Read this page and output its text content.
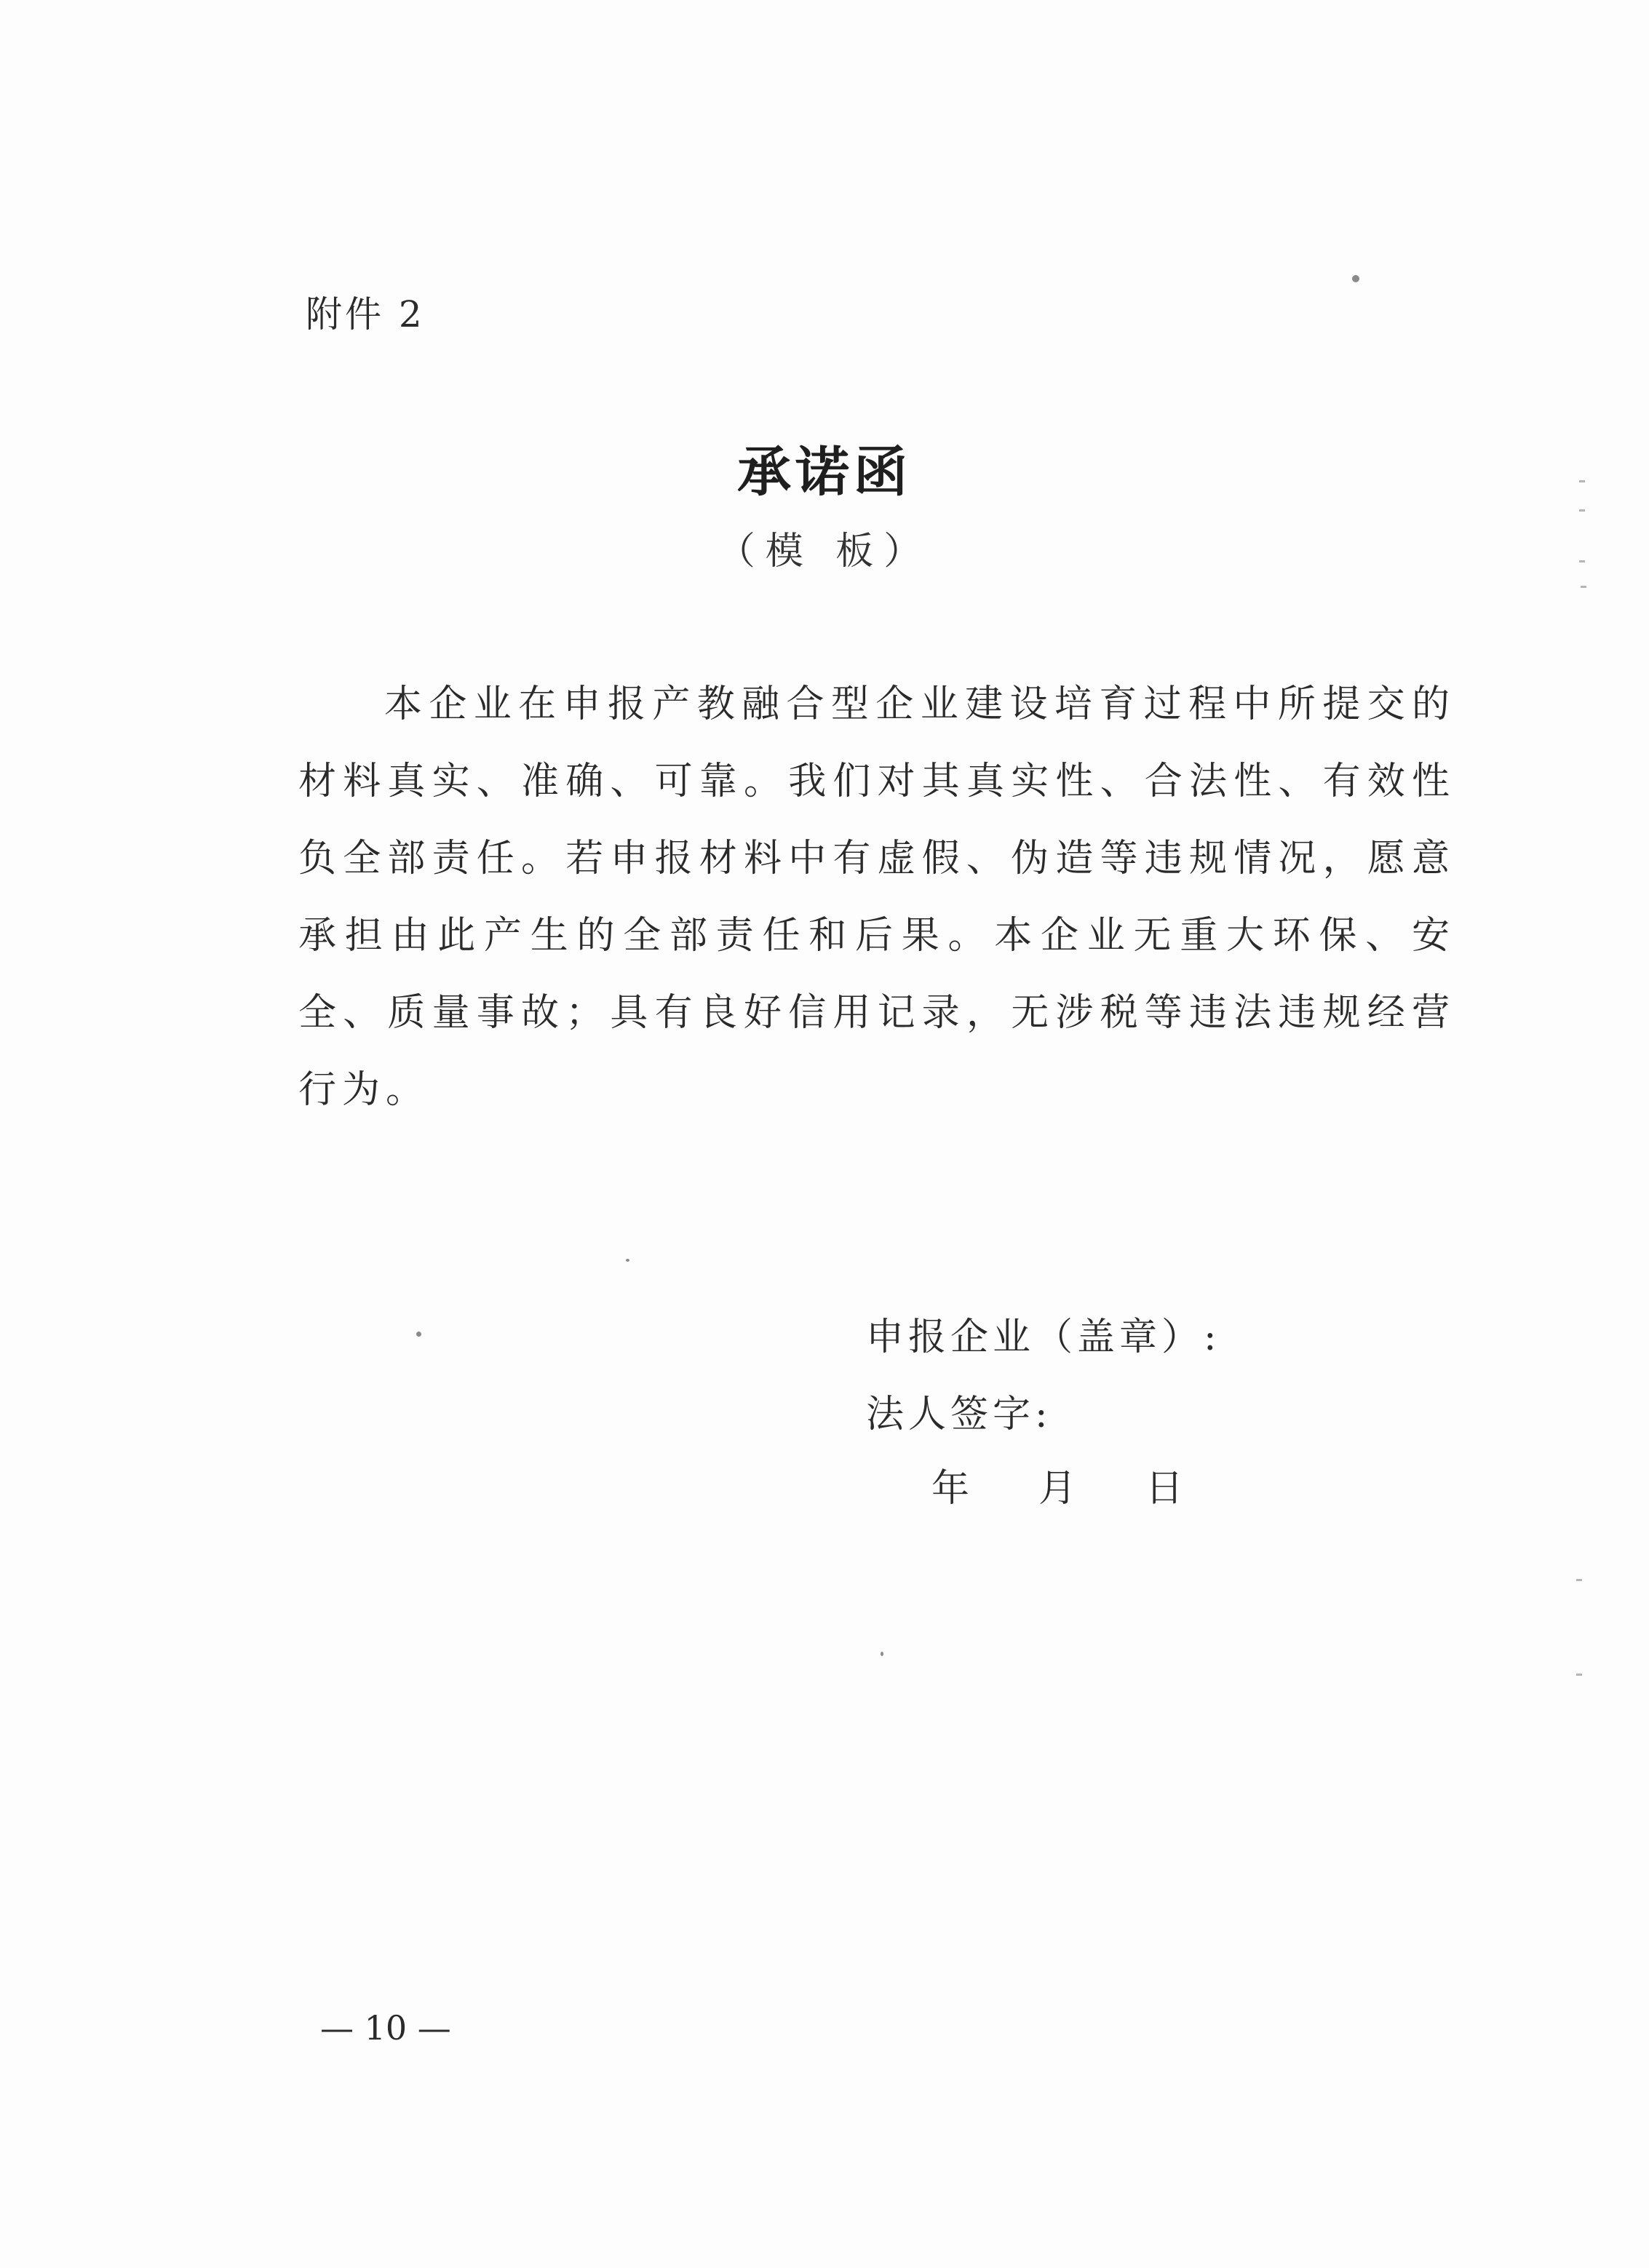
附件 2
承诺函
（模 板）
本企业在申报产教融合型企业建设培育过程中所提交的材料真实、准确、可靠。我们对其真实性、合法性、有效性负全部责任。若申报材料中有虚假、伪造等违规情况，愿意承担由此产生的全部责任和后果。本企业无重大环保、安全、质量事故；具有良好信用记录，无涉税等违法违规经营行为。
申报企业（盖章）:
法人签字:
年 月 日
— 10 —
